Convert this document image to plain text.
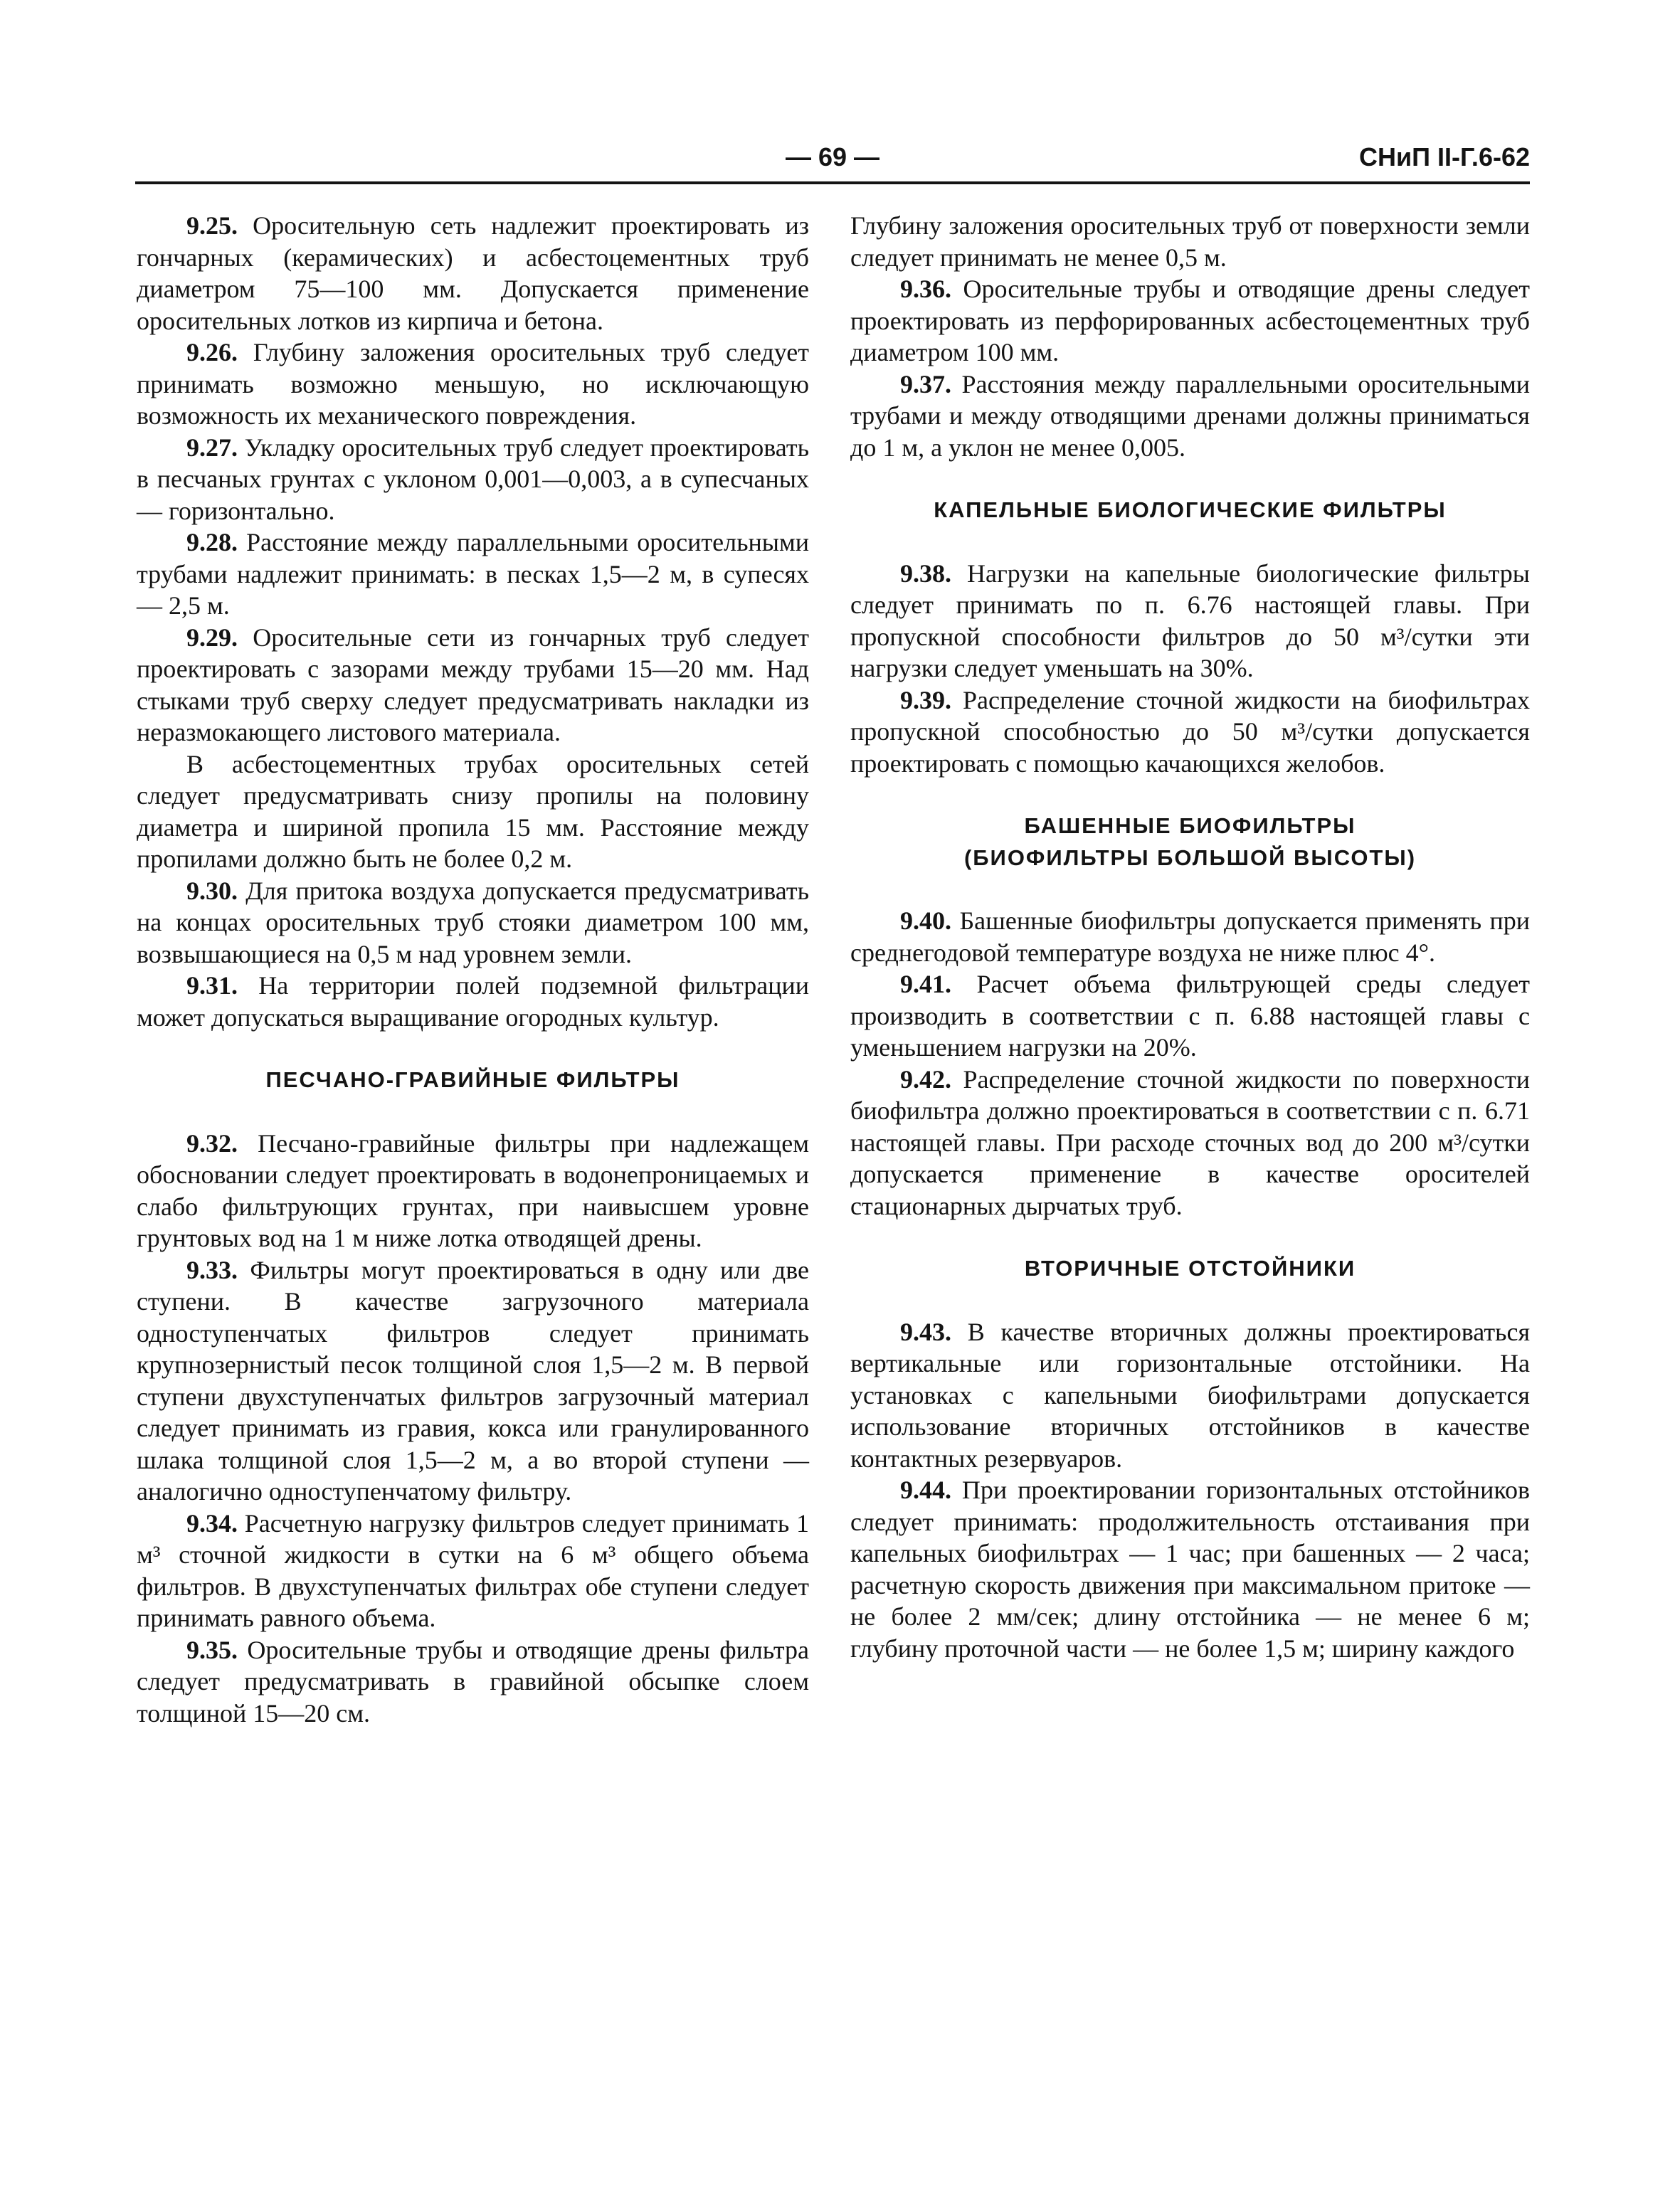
— 69 —	СНиП II-Г.6-62

9.25. Оросительную сеть надлежит проектировать из гончарных (керамических) и асбестоцементных труб диаметром 75—100 мм. Допускается применение оросительных лотков из кирпича и бетона.

9.26. Глубину заложения оросительных труб следует принимать возможно меньшую, но исключающую возможность их механического повреждения.

9.27. Укладку оросительных труб следует проектировать в песчаных грунтах с уклоном 0,001—0,003, а в супесчаных — горизонтально.

9.28. Расстояние между параллельными оросительными трубами надлежит принимать: в песках 1,5—2 м, в супесях — 2,5 м.

9.29. Оросительные сети из гончарных труб следует проектировать с зазорами между трубами 15—20 мм. Над стыками труб сверху следует предусматривать накладки из неразмокающего листового материала.

В асбестоцементных трубах оросительных сетей следует предусматривать снизу пропилы на половину диаметра и шириной пропила 15 мм. Расстояние между пропилами должно быть не более 0,2 м.

9.30. Для притока воздуха допускается предусматривать на концах оросительных труб стояки диаметром 100 мм, возвышающиеся на 0,5 м над уровнем земли.

9.31. На территории полей подземной фильтрации может допускаться выращивание огородных культур.

ПЕСЧАНО-ГРАВИЙНЫЕ ФИЛЬТРЫ

9.32. Песчано-гравийные фильтры при надлежащем обосновании следует проектировать в водонепроницаемых и слабо фильтрующих грунтах, при наивысшем уровне грунтовых вод на 1 м ниже лотка отводящей дрены.

9.33. Фильтры могут проектироваться в одну или две ступени. В качестве загрузочного материала одноступенчатых фильтров следует принимать крупнозернистый песок толщиной слоя 1,5—2 м. В первой ступени двухступенчатых фильтров загрузочный материал следует принимать из гравия, кокса или гранулированного шлака толщиной слоя 1,5—2 м, а во второй ступени — аналогично одноступенчатому фильтру.

9.34. Расчетную нагрузку фильтров следует принимать 1 м³ сточной жидкости в сутки на 6 м³ общего объема фильтров. В двухступенчатых фильтрах обе ступени следует принимать равного объема.

9.35. Оросительные трубы и отводящие дрены фильтра следует предусматривать в гравийной обсыпке слоем толщиной 15—20 см.

Глубину заложения оросительных труб от поверхности земли следует принимать не менее 0,5 м.

9.36. Оросительные трубы и отводящие дрены следует проектировать из перфорированных асбестоцементных труб диаметром 100 мм.

9.37. Расстояния между параллельными оросительными трубами и между отводящими дренами должны приниматься до 1 м, а уклон не менее 0,005.

КАПЕЛЬНЫЕ БИОЛОГИЧЕСКИЕ ФИЛЬТРЫ

9.38. Нагрузки на капельные биологические фильтры следует принимать по п. 6.76 настоящей главы. При пропускной способности фильтров до 50 м³/сутки эти нагрузки следует уменьшать на 30%.

9.39. Распределение сточной жидкости на биофильтрах пропускной способностью до 50 м³/сутки допускается проектировать с помощью качающихся желобов.

БАШЕННЫЕ БИОФИЛЬТРЫ
(БИОФИЛЬТРЫ БОЛЬШОЙ ВЫСОТЫ)

9.40. Башенные биофильтры допускается применять при среднегодовой температуре воздуха не ниже плюс 4°.

9.41. Расчет объема фильтрующей среды следует производить в соответствии с п. 6.88 настоящей главы с уменьшением нагрузки на 20%.

9.42. Распределение сточной жидкости по поверхности биофильтра должно проектироваться в соответствии с п. 6.71 настоящей главы. При расходе сточных вод до 200 м³/сутки допускается применение в качестве оросителей стационарных дырчатых труб.

ВТОРИЧНЫЕ ОТСТОЙНИКИ

9.43. В качестве вторичных должны проектироваться вертикальные или горизонтальные отстойники. На установках с капельными биофильтрами допускается использование вторичных отстойников в качестве контактных резервуаров.

9.44. При проектировании горизонтальных отстойников следует принимать: продолжительность отстаивания при капельных биофильтрах — 1 час; при башенных — 2 часа; расчетную скорость движения при максимальном притоке — не более 2 мм/сек; длину отстойника — не менее 6 м; глубину проточной части — не более 1,5 м; ширину каждого
